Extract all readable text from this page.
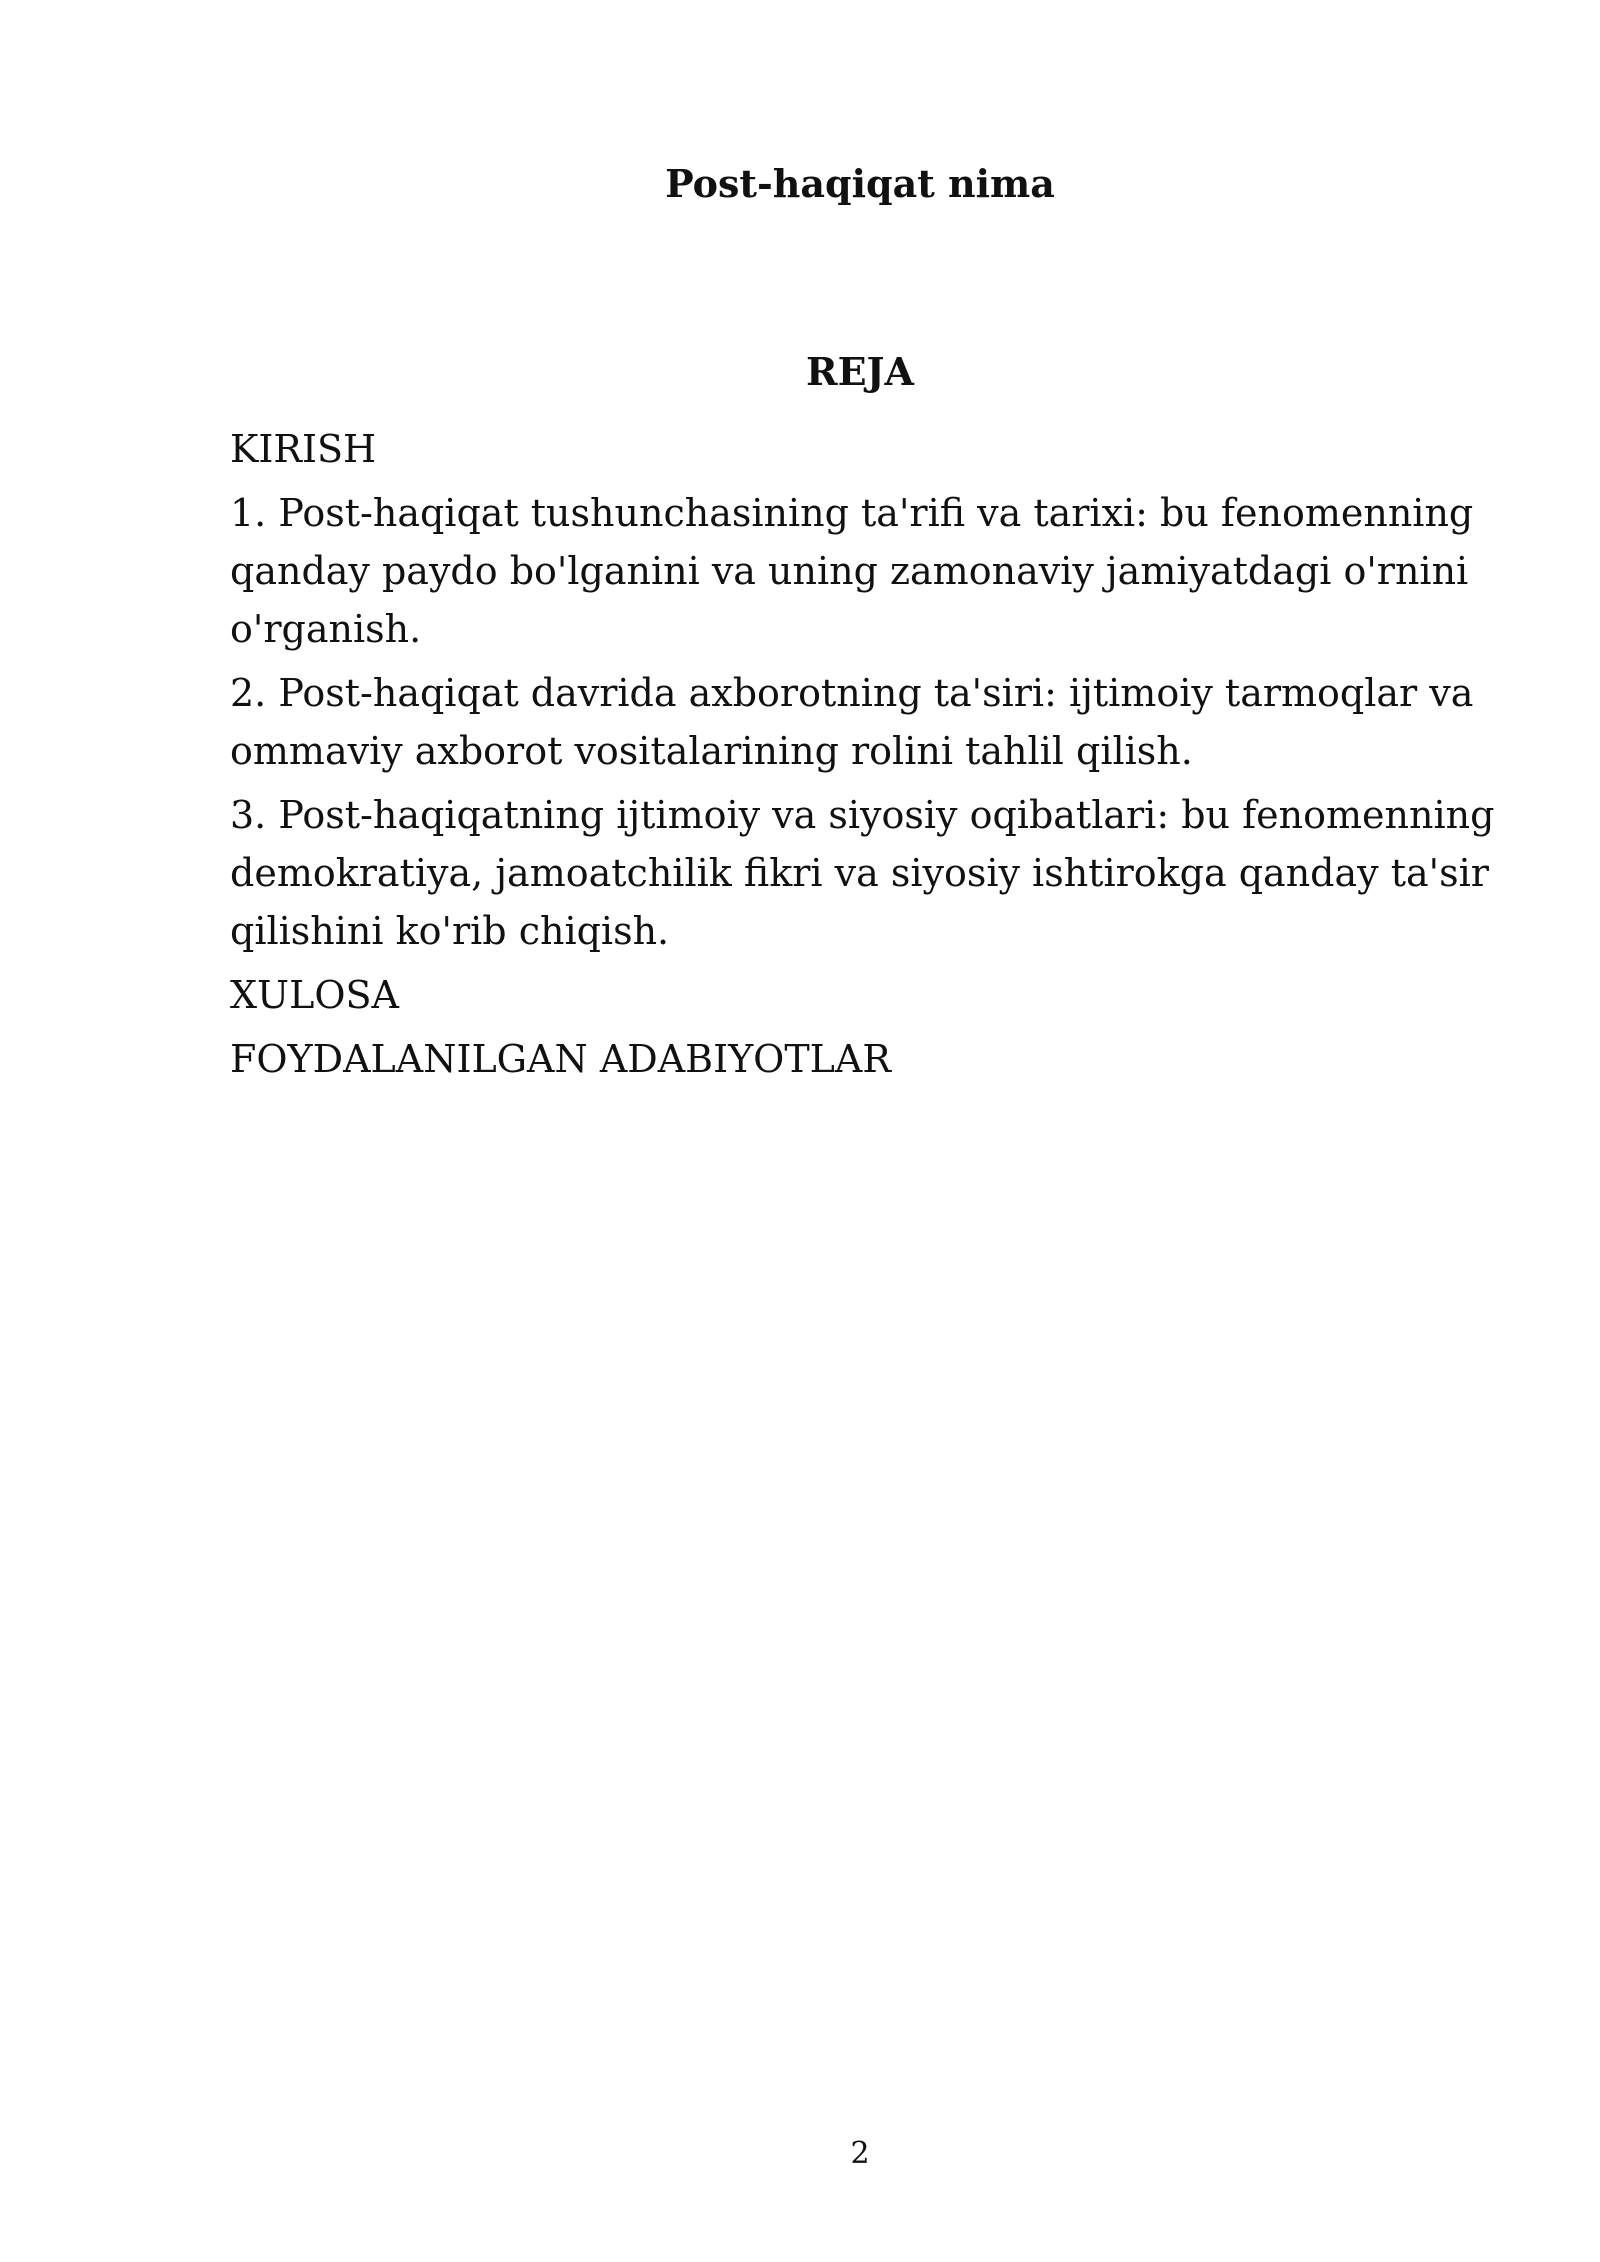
Post-haqiqat nima
REJA

KIRISH

1. Post-haqiqat tushunchasining ta'rifi va tarixi: bu fenomenning qanday paydo bo'lganini va uning zamonaviy jamiyatdagi o'rnini o'rganish.

2. Post-haqiqat davrida axborotning ta'siri: ijtimoiy tarmoqlar va ommaviy axborot vositalarining rolini tahlil qilish.

3. Post-haqiqatning ijtimoiy va siyosiy oqibatlari: bu fenomenning demokratiya, jamoatchilik fikri va siyosiy ishtirokga qanday ta'sir qilishini ko'rib chiqish.

XULOSA

FOYDALANILGAN ADABIYOTLAR

2
